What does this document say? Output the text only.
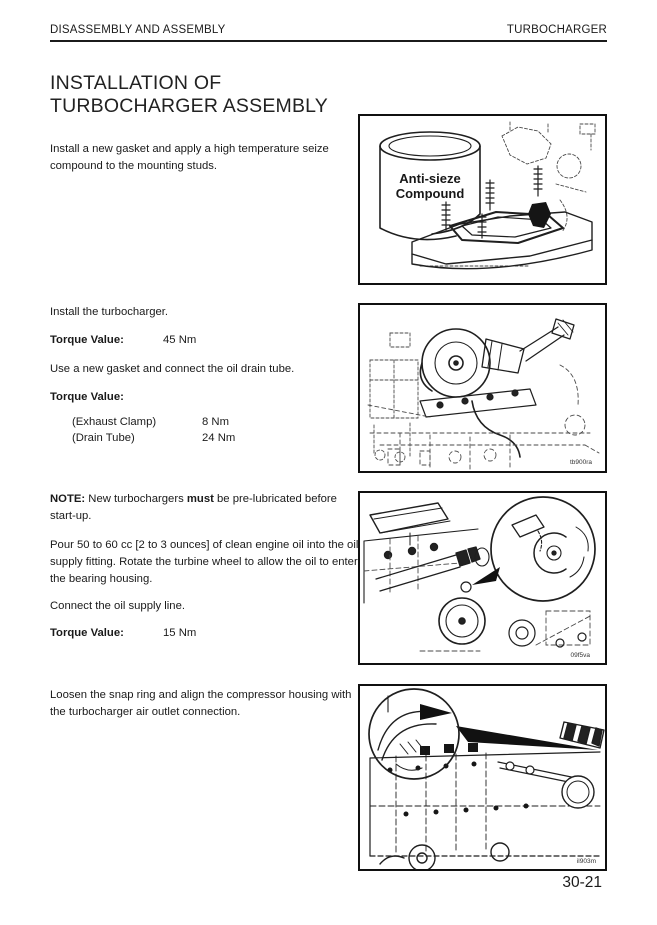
DISASSEMBLY AND ASSEMBLY	TURBOCHARGER
INSTALLATION OF
TURBOCHARGER ASSEMBLY

Install a new gasket and apply a high temperature seize compound to the mounting studs.

Install the turbocharger.

Torque Value:	45 Nm

Use a new gasket and connect the oil drain tube.

Torque Value:

(Exhaust Clamp)	8 Nm
(Drain Tube)	24 Nm

NOTE: New turbochargers must be pre-lubricated before start-up.

Pour 50 to 60 cc [2 to 3 ounces] of clean engine oil into the oil supply fitting. Rotate the turbine wheel to allow the oil to enter the bearing housing.

Connect the oil supply line.

Torque Value:	15 Nm

Loosen the snap ring and align the compressor housing with the turbocharger air outlet connection.

Anti-sieze
Compound
tb900ra
09f5va
il903m
30-21
